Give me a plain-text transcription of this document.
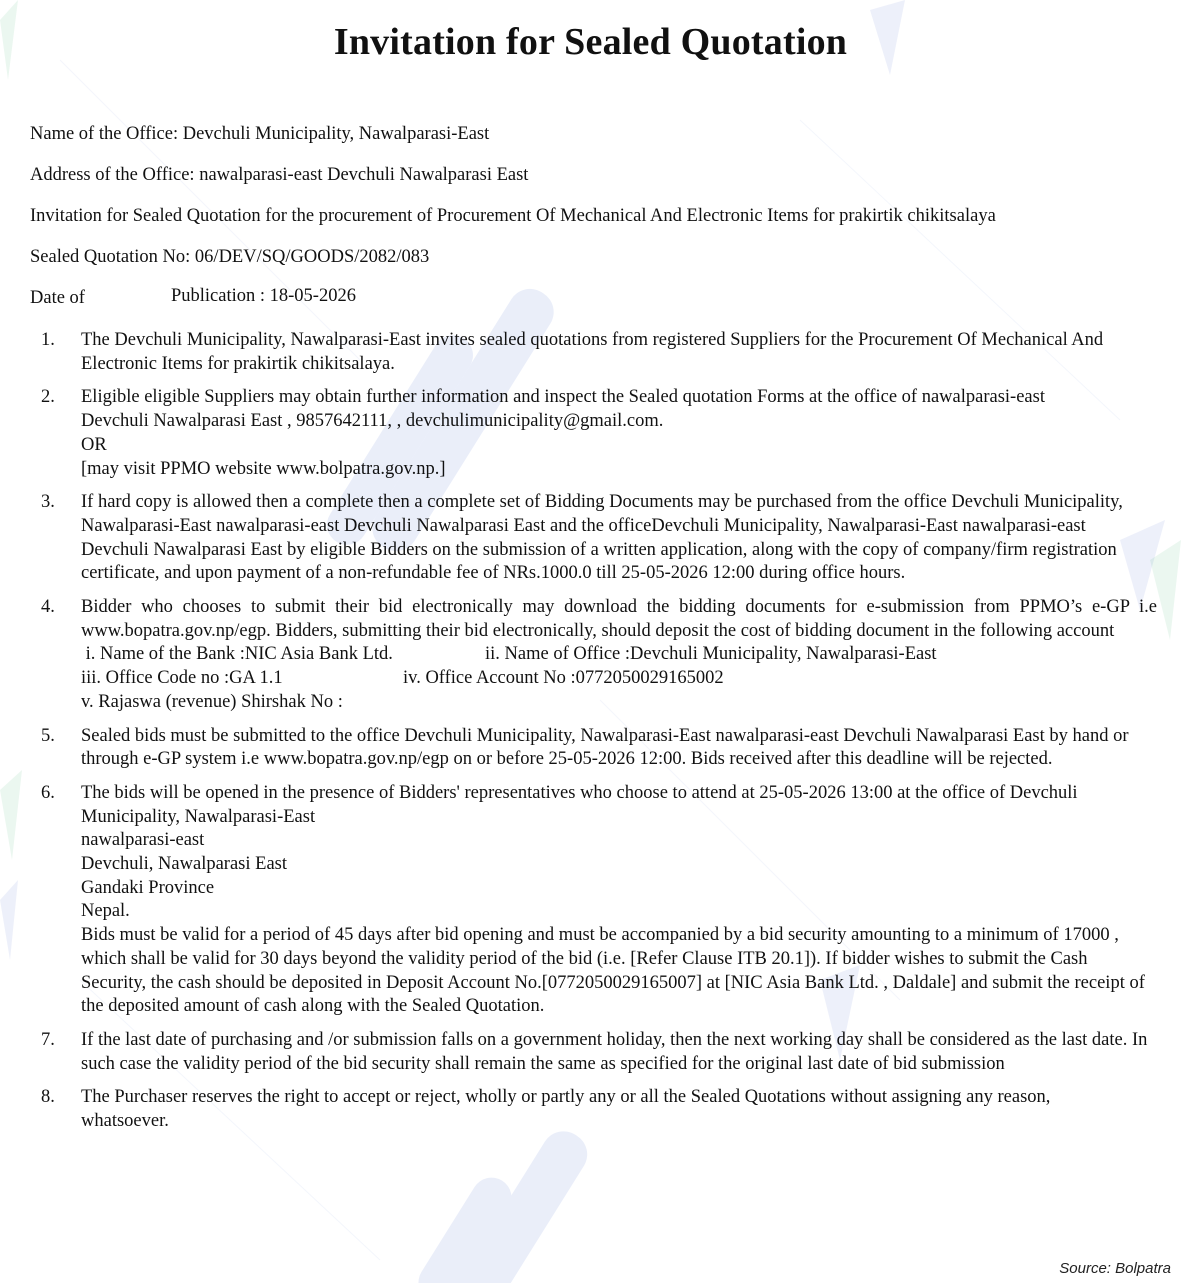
Invitation for Sealed Quotation
Name of the Office: Devchuli Municipality, Nawalparasi-East
Address of the Office: nawalparasi-east Devchuli Nawalparasi East
Invitation for Sealed Quotation for the procurement of Procurement Of Mechanical And Electronic Items for prakirtik chikitsalaya
Sealed Quotation No: 06/DEV/SQ/GOODS/2082/083
Date of	Publication : 18-05-2026
1. The Devchuli Municipality, Nawalparasi-East invites sealed quotations from registered Suppliers for the Procurement Of Mechanical And Electronic Items for prakirtik chikitsalaya.

2. Eligible eligible Suppliers may obtain further information and inspect the Sealed quotation Forms at the office of nawalparasi-east

Devchuli Nawalparasi East , 9857642111, , devchulimunicipality@gmail.com.

OR

[may visit PPMO website www.bolpatra.gov.np.]

3. If hard copy is allowed then a complete then a complete set of Bidding Documents may be purchased from the office Devchuli Municipality, Nawalparasi-East nawalparasi-east Devchuli Nawalparasi East and the officeDevchuli Municipality, Nawalparasi-East nawalparasi-east Devchuli Nawalparasi East by eligible Bidders on the submission of a written application, along with the copy of company/firm registration certificate, and upon payment of a non-refundable fee of NRs.1000.0 till 25-05-2026 12:00 during office hours.

4. Bidder who chooses to submit their bid electronically may download the bidding documents for e-submission from PPMO’s e-GP i.e www.bopatra.gov.np/egp. Bidders, submitting their bid electronically, should deposit the cost of bidding document in the following account

i. Name of the Bank :NIC Asia Bank Ltd.	ii. Name of Office :Devchuli Municipality, Nawalparasi-East
iii. Office Code no :GA 1.1	iv. Office Account No :0772050029165002

v. Rajaswa (revenue) Shirshak No :

5. Sealed bids must be submitted to the office Devchuli Municipality, Nawalparasi-East nawalparasi-east Devchuli Nawalparasi East by hand or through e-GP system i.e www.bopatra.gov.np/egp on or before 25-05-2026 12:00. Bids received after this deadline will be rejected.

6. The bids will be opened in the presence of Bidders' representatives who choose to attend at 25-05-2026 13:00 at the office of Devchuli Municipality, Nawalparasi-East

nawalparasi-east

Devchuli, Nawalparasi East

Gandaki Province

Nepal.

Bids must be valid for a period of 45 days after bid opening and must be accompanied by a bid security amounting to a minimum of 17000 , which shall be valid for 30 days beyond the validity period of the bid (i.e. [Refer Clause ITB 20.1]). If bidder wishes to submit the Cash Security, the cash should be deposited in Deposit Account No.[0772050029165007] at [NIC Asia Bank Ltd. , Daldale] and submit the receipt of the deposited amount of cash along with the Sealed Quotation.

7. If the last date of purchasing and /or submission falls on a government holiday, then the next working day shall be considered as the last date. In such case the validity period of the bid security shall remain the same as specified for the original last date of bid submission

8. The Purchaser reserves the right to accept or reject, wholly or partly any or all the Sealed Quotations without assigning any reason, whatsoever.

Source: Bolpatra
